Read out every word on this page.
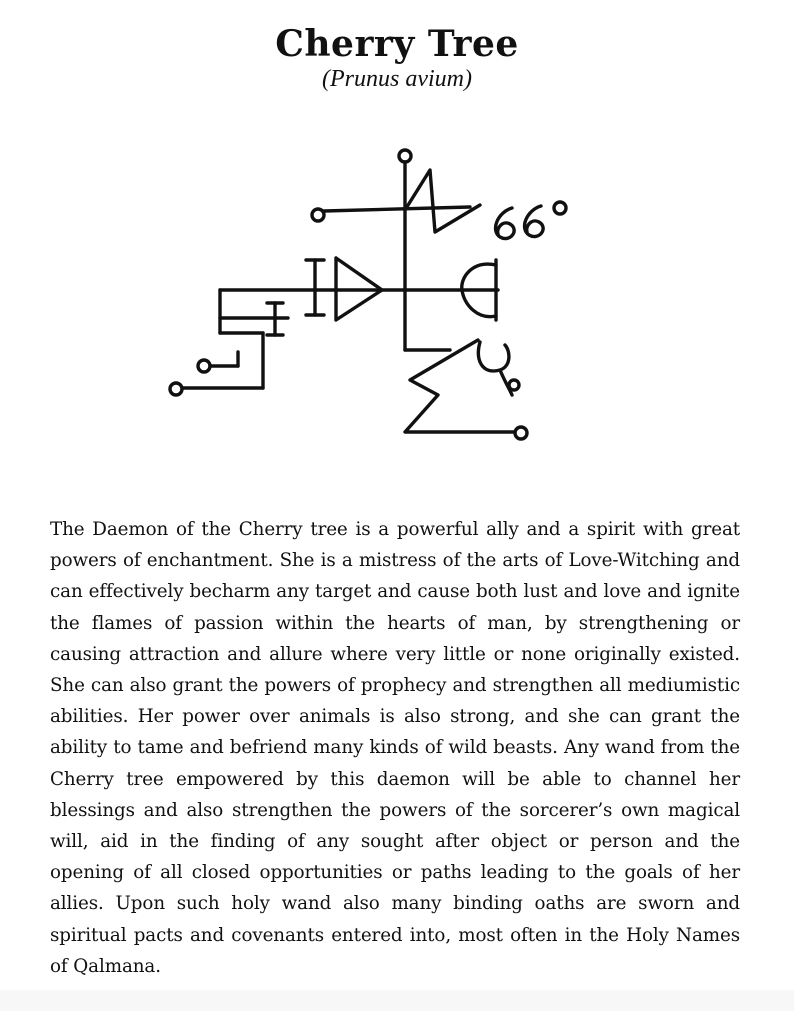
Cherry Tree
(Prunus avium)

The Daemon of the Cherry tree is a powerful ally and a spirit with great powers of enchantment. She is a mistress of the arts of Love-Witching and can effectively becharm any target and cause both lust and love and ignite the flames of passion within the hearts of man, by strengthening or causing attraction and allure where very little or none originally existed. She can also grant the powers of prophecy and strengthen all mediumistic abilities. Her power over animals is also strong, and she can grant the ability to tame and befriend many kinds of wild beasts. Any wand from the Cherry tree empowered by this daemon will be able to channel her blessings and also strengthen the powers of the sorcerer’s own magical will, aid in the finding of any sought after object or person and the opening of all closed opportunities or paths leading to the goals of her allies. Upon such holy wand also many binding oaths are sworn and spiritual pacts and covenants entered into, most often in the Holy Names of Qalmana.
